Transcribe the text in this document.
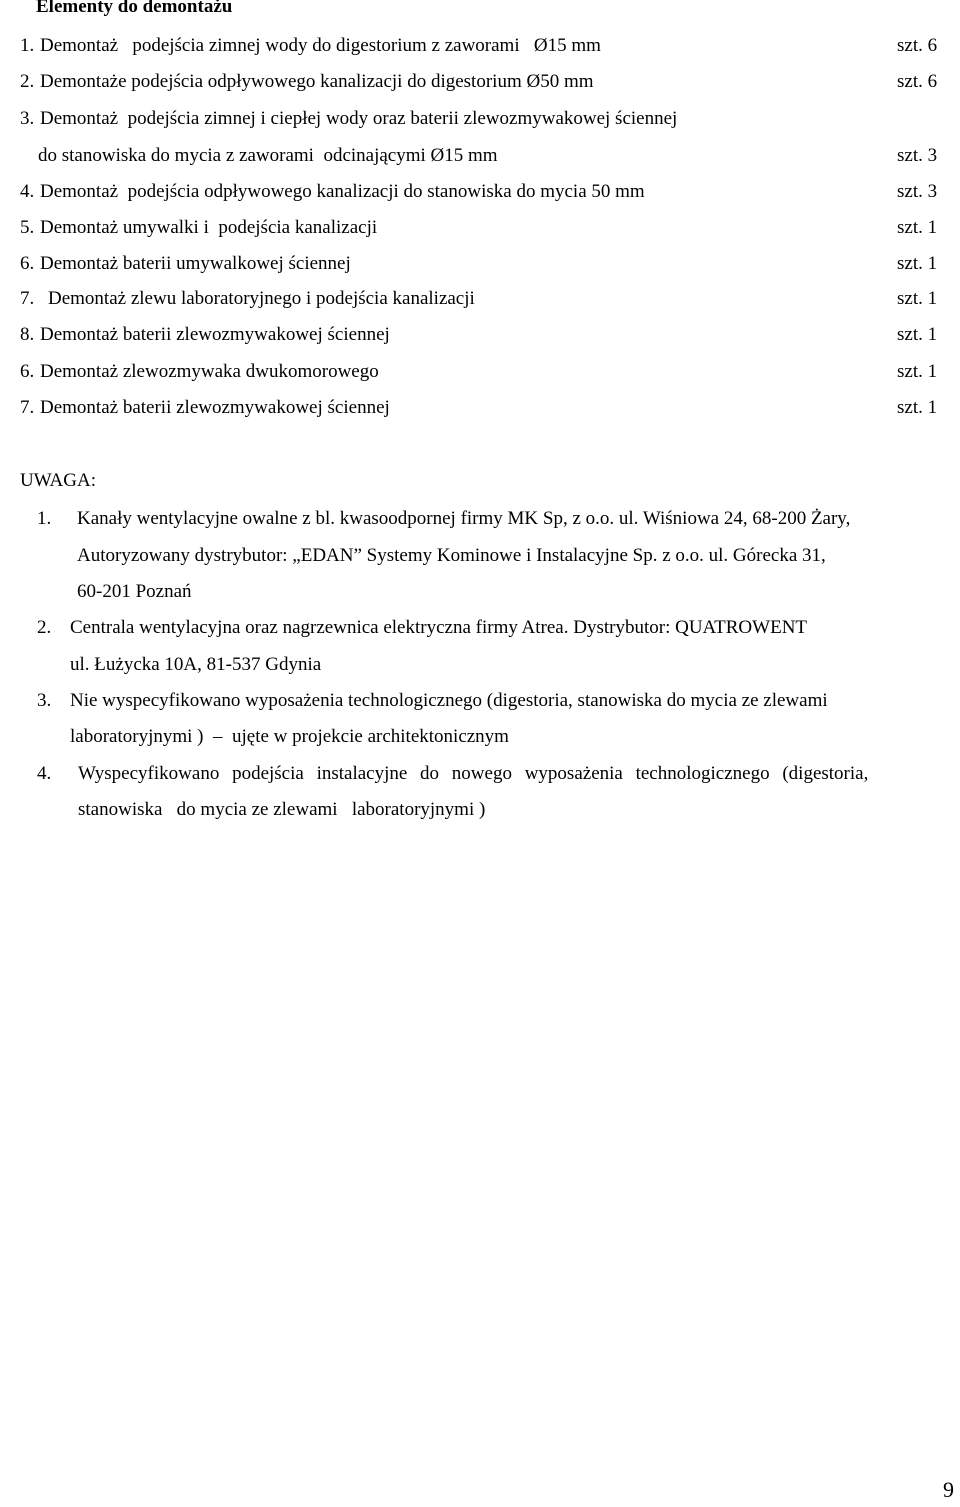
Elementy do demontażu
1. Demontaż   podejścia zimnej wody do digestorium z zaworami   Ø15 mm	szt. 6
2. Demontaże podejścia odpływowego kanalizacji do digestorium Ø50 mm	szt. 6
3. Demontaż  podejścia zimnej i ciepłej wody oraz baterii zlewozmywakowej ściennej
do stanowiska do mycia z zaworami  odcinającymi Ø15 mm	szt. 3
4. Demontaż  podejścia odpływowego kanalizacji do stanowiska do mycia 50 mm	szt. 3
5. Demontaż umywalki i  podejścia kanalizacji	szt. 1
6. Demontaż baterii umywalkowej ściennej	szt. 1
7. Demontaż zlewu laboratoryjnego i podejścia kanalizacji	szt. 1
8. Demontaż baterii zlewozmywakowej ściennej	szt. 1
6. Demontaż zlewozmywaka dwukomorowego	szt. 1
7. Demontaż baterii zlewozmywakowej ściennej	szt. 1
UWAGA:
1. Kanały wentylacyjne owalne z bl. kwasoodpornej firmy MK Sp, z o.o. ul. Wiśniowa 24, 68-200 Żary,
Autoryzowany dystrybutor: „EDAN” Systemy Kominowe i Instalacyjne Sp. z o.o. ul. Górecka 31,
60-201 Poznań
2. Centrala wentylacyjna oraz nagrzewnica elektryczna firmy Atrea. Dystrybutor: QUATROWENT
ul. Łużycka 10A, 81-537 Gdynia
3. Nie wyspecyfikowano wyposażenia technologicznego (digestoria, stanowiska do mycia ze zlewami
laboratoryjnymi )  ‒  ujęte w projekcie architektonicznym
4. Wyspecyfikowano podejścia instalacyjne do nowego wyposażenia technologicznego (digestoria,
stanowiska   do mycia ze zlewami   laboratoryjnymi )
9
